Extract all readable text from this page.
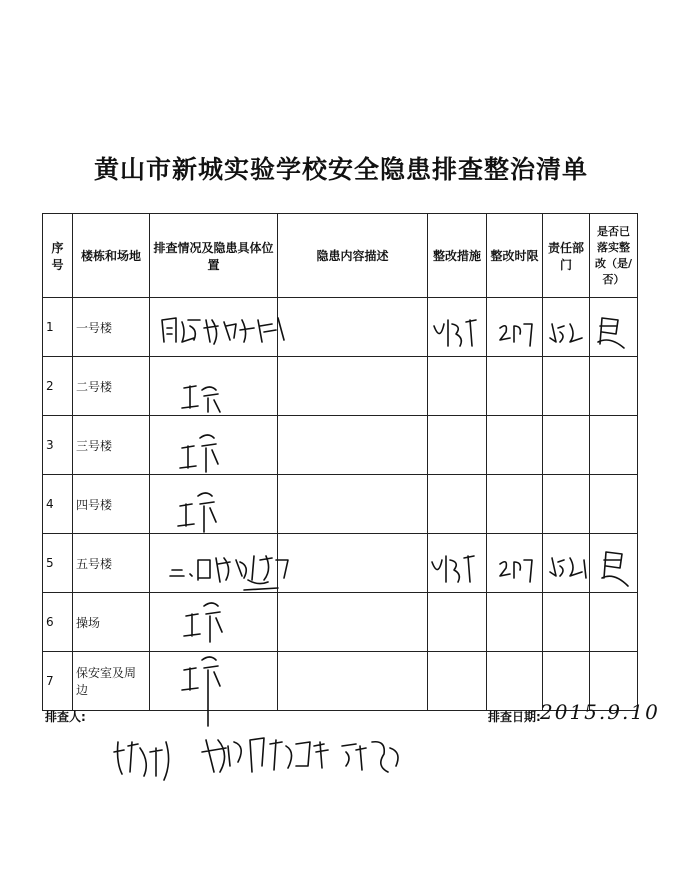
黄山市新城实验学校安全隐患排查整治清单
序号	楼栋和场地	排查情况及隐患具体位置	隐患内容描述	整改措施	整改时限	责任部门	是否已落实整改（是/否）
1	一号楼						
2	二号楼						
3	三号楼						
4	四号楼						
5	五号楼						
6	操场						
7	保安室及周边						
排查人:	排查日期: 2015.9.10
